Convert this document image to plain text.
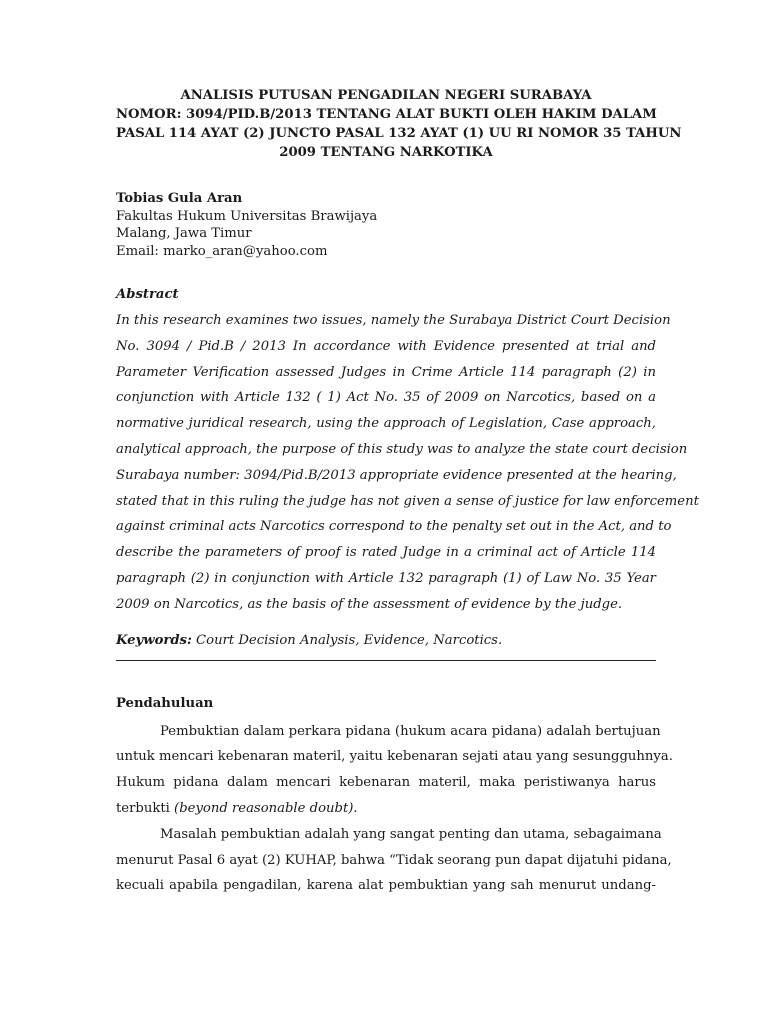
ANALISIS PUTUSAN PENGADILAN NEGERI SURABAYA
NOMOR: 3094/PID.B/2013 TENTANG ALAT BUKTI OLEH HAKIM DALAM
PASAL 114 AYAT (2) JUNCTO PASAL 132 AYAT (1) UU RI NOMOR 35 TAHUN
2009 TENTANG NARKOTIKA
Tobias Gula Aran
Fakultas Hukum Universitas Brawijaya
Malang, Jawa Timur
Email: marko_aran@yahoo.com
Abstract
In this research examines two issues, namely the Surabaya District Court Decision
No. 3094 / Pid.B / 2013 In accordance with Evidence presented at trial and
Parameter Verification assessed Judges in Crime Article 114 paragraph (2) in
conjunction with Article 132 ( 1) Act No. 35 of 2009 on Narcotics, based on a
normative juridical research, using the approach of Legislation, Case approach,
analytical approach, the purpose of this study was to analyze the state court decision
Surabaya number: 3094/Pid.B/2013 appropriate evidence presented at the hearing,
stated that in this ruling the judge has not given a sense of justice for law enforcement
against criminal acts Narcotics correspond to the penalty set out in the Act, and to
describe the parameters of proof is rated Judge in a criminal act of Article 114
paragraph (2) in conjunction with Article 132 paragraph (1) of Law No. 35 Year
2009 on Narcotics, as the basis of the assessment of evidence by the judge.
Keywords: Court Decision Analysis, Evidence, Narcotics.
Pendahuluan
Pembuktian dalam perkara pidana (hukum acara pidana) adalah bertujuan
untuk mencari kebenaran materil, yaitu kebenaran sejati atau yang sesungguhnya.
Hukum pidana dalam mencari kebenaran materil, maka peristiwanya harus
terbukti (beyond reasonable doubt).
Masalah pembuktian adalah yang sangat penting dan utama, sebagaimana
menurut Pasal 6 ayat (2) KUHAP, bahwa “Tidak seorang pun dapat dijatuhi pidana,
kecuali apabila pengadilan, karena alat pembuktian yang sah menurut undang-
